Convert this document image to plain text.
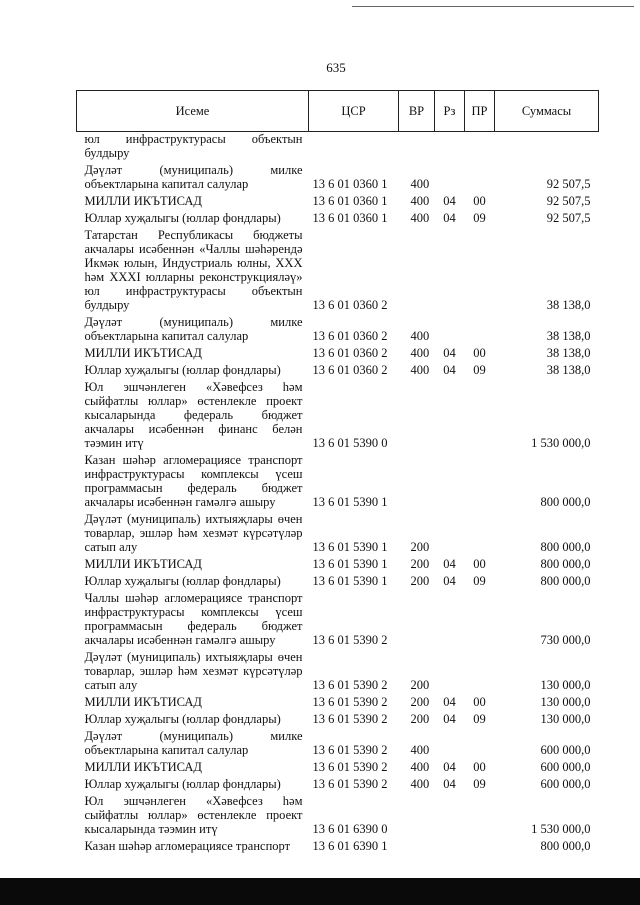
635
Исеме	ЦСР	ВР	Рз	ПР	Суммасы
юл инфраструктурасы объектын булдыру					
Дәүләт (муниципаль) милке объектларына капитал салулар	13 6 01 0360 1	400			92 507,5
МИЛЛИ ИКЪТИСАД	13 6 01 0360 1	400	04	00	92 507,5
Юллар хуҗалыгы (юллар фондлары)	13 6 01 0360 1	400	04	09	92 507,5
Татарстан Республикасы бюджеты акчалары исәбеннән «Чаллы шәһәрендә Икмәк юлын, Индустриаль юлны, XXX һәм XXXI юлларны реконструкцияләү» юл инфраструктурасы объектын булдыру	13 6 01 0360 2				38 138,0
Дәүләт (муниципаль) милке объектларына капитал салулар	13 6 01 0360 2	400			38 138,0
МИЛЛИ ИКЪТИСАД	13 6 01 0360 2	400	04	00	38 138,0
Юллар хуҗалыгы (юллар фондлары)	13 6 01 0360 2	400	04	09	38 138,0
Юл эшчәнлеген «Хәвефсез һәм сыйфатлы юллар» өстенлекле проект кысаларында федераль бюджет акчалары исәбеннән финанс белән тәэмин итү	13 6 01 5390 0				1 530 000,0
Казан шәһәр агломерациясе транспорт инфраструктурасы комплексы үсеш программасын федераль бюджет акчалары исәбеннән гамәлгә ашыру	13 6 01 5390 1				800 000,0
Дәүләт (муниципаль) ихтыяҗлары өчен товарлар, эшләр һәм хезмәт күрсәтүләр сатып алу	13 6 01 5390 1	200			800 000,0
МИЛЛИ ИКЪТИСАД	13 6 01 5390 1	200	04	00	800 000,0
Юллар хуҗалыгы (юллар фондлары)	13 6 01 5390 1	200	04	09	800 000,0
Чаллы шәһәр агломерациясе транспорт инфраструктурасы комплексы үсеш программасын федераль бюджет акчалары исәбеннән гамәлгә ашыру	13 6 01 5390 2				730 000,0
Дәүләт (муниципаль) ихтыяҗлары өчен товарлар, эшләр һәм хезмәт күрсәтүләр сатып алу	13 6 01 5390 2	200			130 000,0
МИЛЛИ ИКЪТИСАД	13 6 01 5390 2	200	04	00	130 000,0
Юллар хуҗалыгы (юллар фондлары)	13 6 01 5390 2	200	04	09	130 000,0
Дәүләт (муниципаль) милке объектларына капитал салулар	13 6 01 5390 2	400			600 000,0
МИЛЛИ ИКЪТИСАД	13 6 01 5390 2	400	04	00	600 000,0
Юллар хуҗалыгы (юллар фондлары)	13 6 01 5390 2	400	04	09	600 000,0
Юл эшчәнлеген «Хәвефсез һәм сыйфатлы юллар» өстенлекле проект кысаларында тәэмин итү	13 6 01 6390 0				1 530 000,0
Казан шәһәр агломерациясе транспорт	13 6 01 6390 1				800 000,0
